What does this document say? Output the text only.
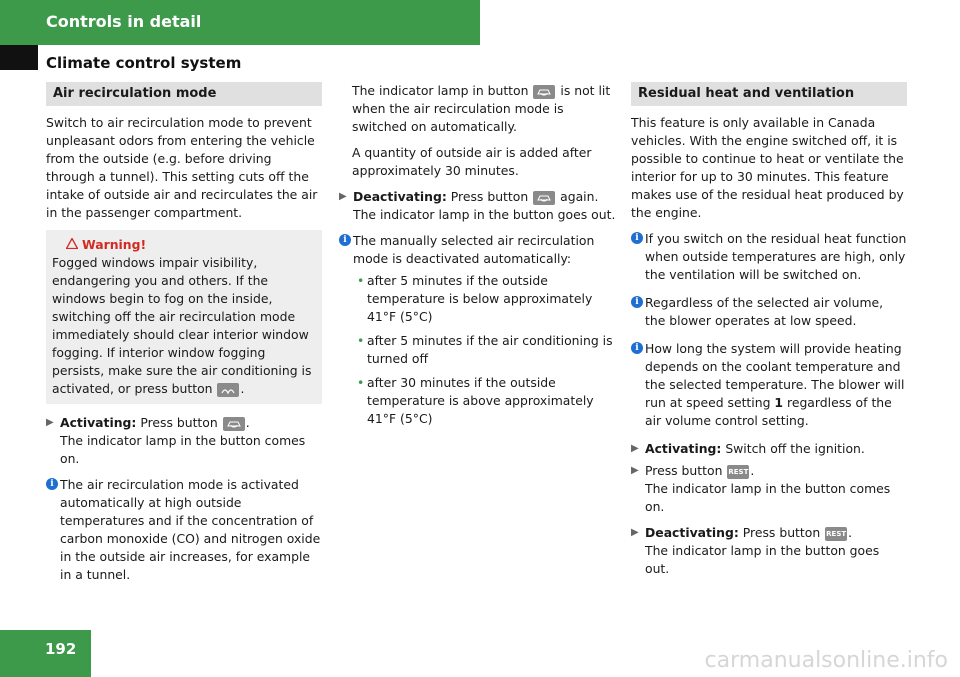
Controls in detail
Climate control system
Air recirculation mode

Switch to air recirculation mode to prevent unpleasant odors from entering the vehicle from the outside (e.g. before driving through a tunnel). This setting cuts off the intake of outside air and recirculates the air in the passenger compartment.

Warning!
Fogged windows impair visibility, endangering you and others. If the windows begin to fog on the inside, switching off the air recirculation mode immediately should clear interior window fogging. If interior window fogging persists, make sure the air conditioning is activated, or press button .
▶ Activating: Press button .
The indicator lamp in the button comes on.
i The air recirculation mode is activated automatically at high outside temperatures and if the concentration of carbon monoxide (CO) and nitrogen oxide in the outside air increases, for example in a tunnel.

The indicator lamp in button	is not lit when the air recirculation mode is switched on automatically.

A quantity of outside air is added after approximately 30 minutes.

▶ Deactivating: Press button	again.
The indicator lamp in the button goes out.
i The manually selected air recirculation mode is deactivated automatically:
• after 5 minutes if the outside temperature is below approximately 41°F (5°C)
• after 5 minutes if the air conditioning is turned off
• after 30 minutes if the outside temperature is above approximately 41°F (5°C)
Residual heat and ventilation

This feature is only available in Canada vehicles. With the engine switched off, it is possible to continue to heat or ventilate the interior for up to 30 minutes. This feature makes use of the residual heat produced by the engine.

i If you switch on the residual heat function when outside temperatures are high, only the ventilation will be switched on.
i Regardless of the selected air volume, the blower operates at low speed.
i How long the system will provide heating depends on the coolant temperature and the selected temperature. The blower will run at speed setting 1 regardless of the air volume control setting.
▶ Activating: Switch off the ignition.
▶ Press button REST .
The indicator lamp in the button comes on.
▶ Deactivating: Press button REST .
The indicator lamp in the button goes out.
192	carmanualsonline.info
